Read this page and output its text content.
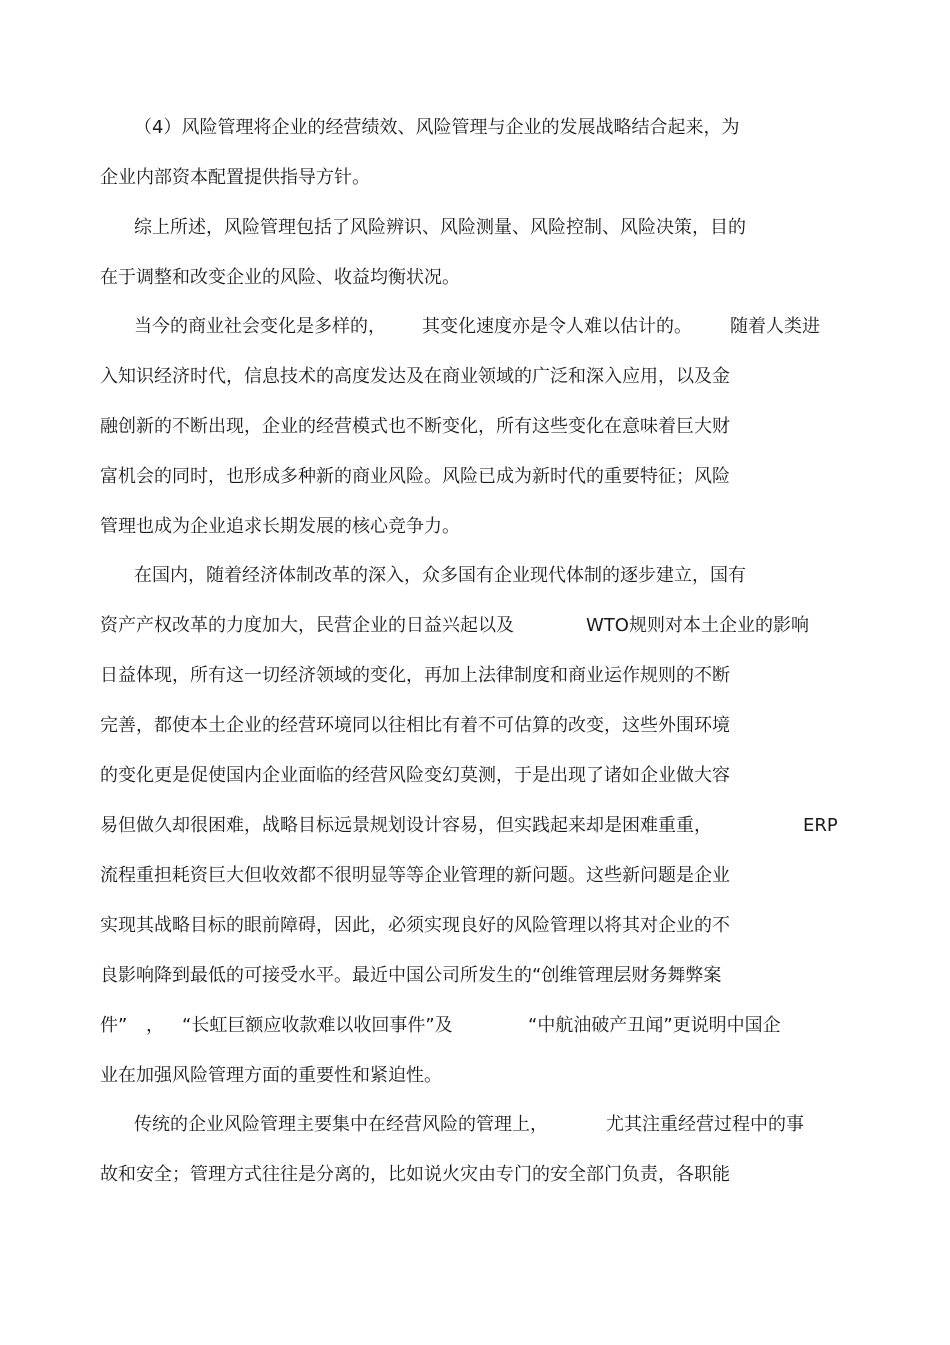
（4）风险管理将企业的经营绩效、风险管理与企业的发展战略结合起来，为
企业内部资本配置提供指导方针。
综上所述，风险管理包括了风险辨识、风险测量、风险控制、风险决策，目的
在于调整和改变企业的风险、收益均衡状况。
当今的商业社会变化是多样的， 其变化速度亦是令人难以估计的。 随着人类进
入知识经济时代，信息技术的高度发达及在商业领域的广泛和深入应用，以及金
融创新的不断出现，企业的经营模式也不断变化，所有这些变化在意味着巨大财
富机会的同时，也形成多种新的商业风险。风险已成为新时代的重要特征；风险
管理也成为企业追求长期发展的核心竞争力。
在国内，随着经济体制改革的深入，众多国有企业现代体制的逐步建立，国有
资产产权改革的力度加大，民营企业的日益兴起以及	WTO规则对本土企业的影响
日益体现，所有这一切经济领域的变化，再加上法律制度和商业运作规则的不断
完善，都使本土企业的经营环境同以往相比有着不可估算的改变，这些外围环境
的变化更是促使国内企业面临的经营风险变幻莫测，于是出现了诸如企业做大容
易但做久却很困难，战略目标远景规划设计容易，但实践起来却是困难重重，	ERP
流程重担耗资巨大但收效都不很明显等等企业管理的新问题。这些新问题是企业
实现其战略目标的眼前障碍，因此，必须实现良好的风险管理以将其对企业的不
良影响降到最低的可接受水平。最近中国公司所发生的“创维管理层财务舞弊案
件” ， “长虹巨额应收款难以收回事件”及	“中航油破产丑闻”更说明中国企
业在加强风险管理方面的重要性和紧迫性。
传统的企业风险管理主要集中在经营风险的管理上，	尤其注重经营过程中的事
故和安全；管理方式往往是分离的，比如说火灾由专门的安全部门负责，各职能
